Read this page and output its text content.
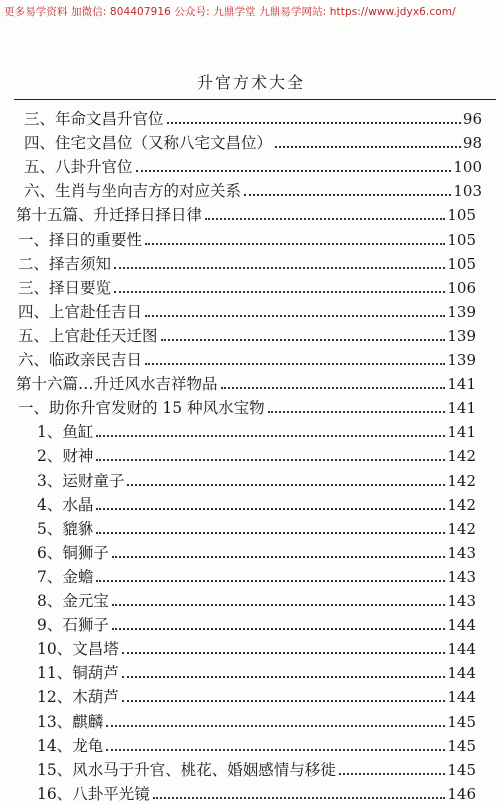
更多易学资料 加微信: 804407916 公众号: 九鼎学堂 九鼎易学网站: https://www.jdyx6.com/
升官方术大全
三、年命文昌升官位	96
四、住宅文昌位（又称八宅文昌位）	98
五、八卦升官位	100
六、生肖与坐向吉方的对应关系	103
第十五篇、升迁择日择日律	105
一、择日的重要性	105
二、择吉须知	105
三、择日要览	106
四、上官赴任吉日	139
五、上官赴任天迁图	139
六、临政亲民吉日	139
第十六篇…升迁风水吉祥物品	141
一、助你升官发财的 15 种风水宝物	141
1、鱼缸	141
2、财神	142
3、运财童子	142
4、水晶	142
5、貔貅	142
6、铜狮子	143
7、金蟾	143
8、金元宝	143
9、石狮子	144
10、文昌塔	144
11、铜葫芦	144
12、木葫芦	144
13、麒麟	145
14、龙龟	145
15、风水马于升官、桃花、婚姻感情与移徙	145
16、八卦平光镜	146
